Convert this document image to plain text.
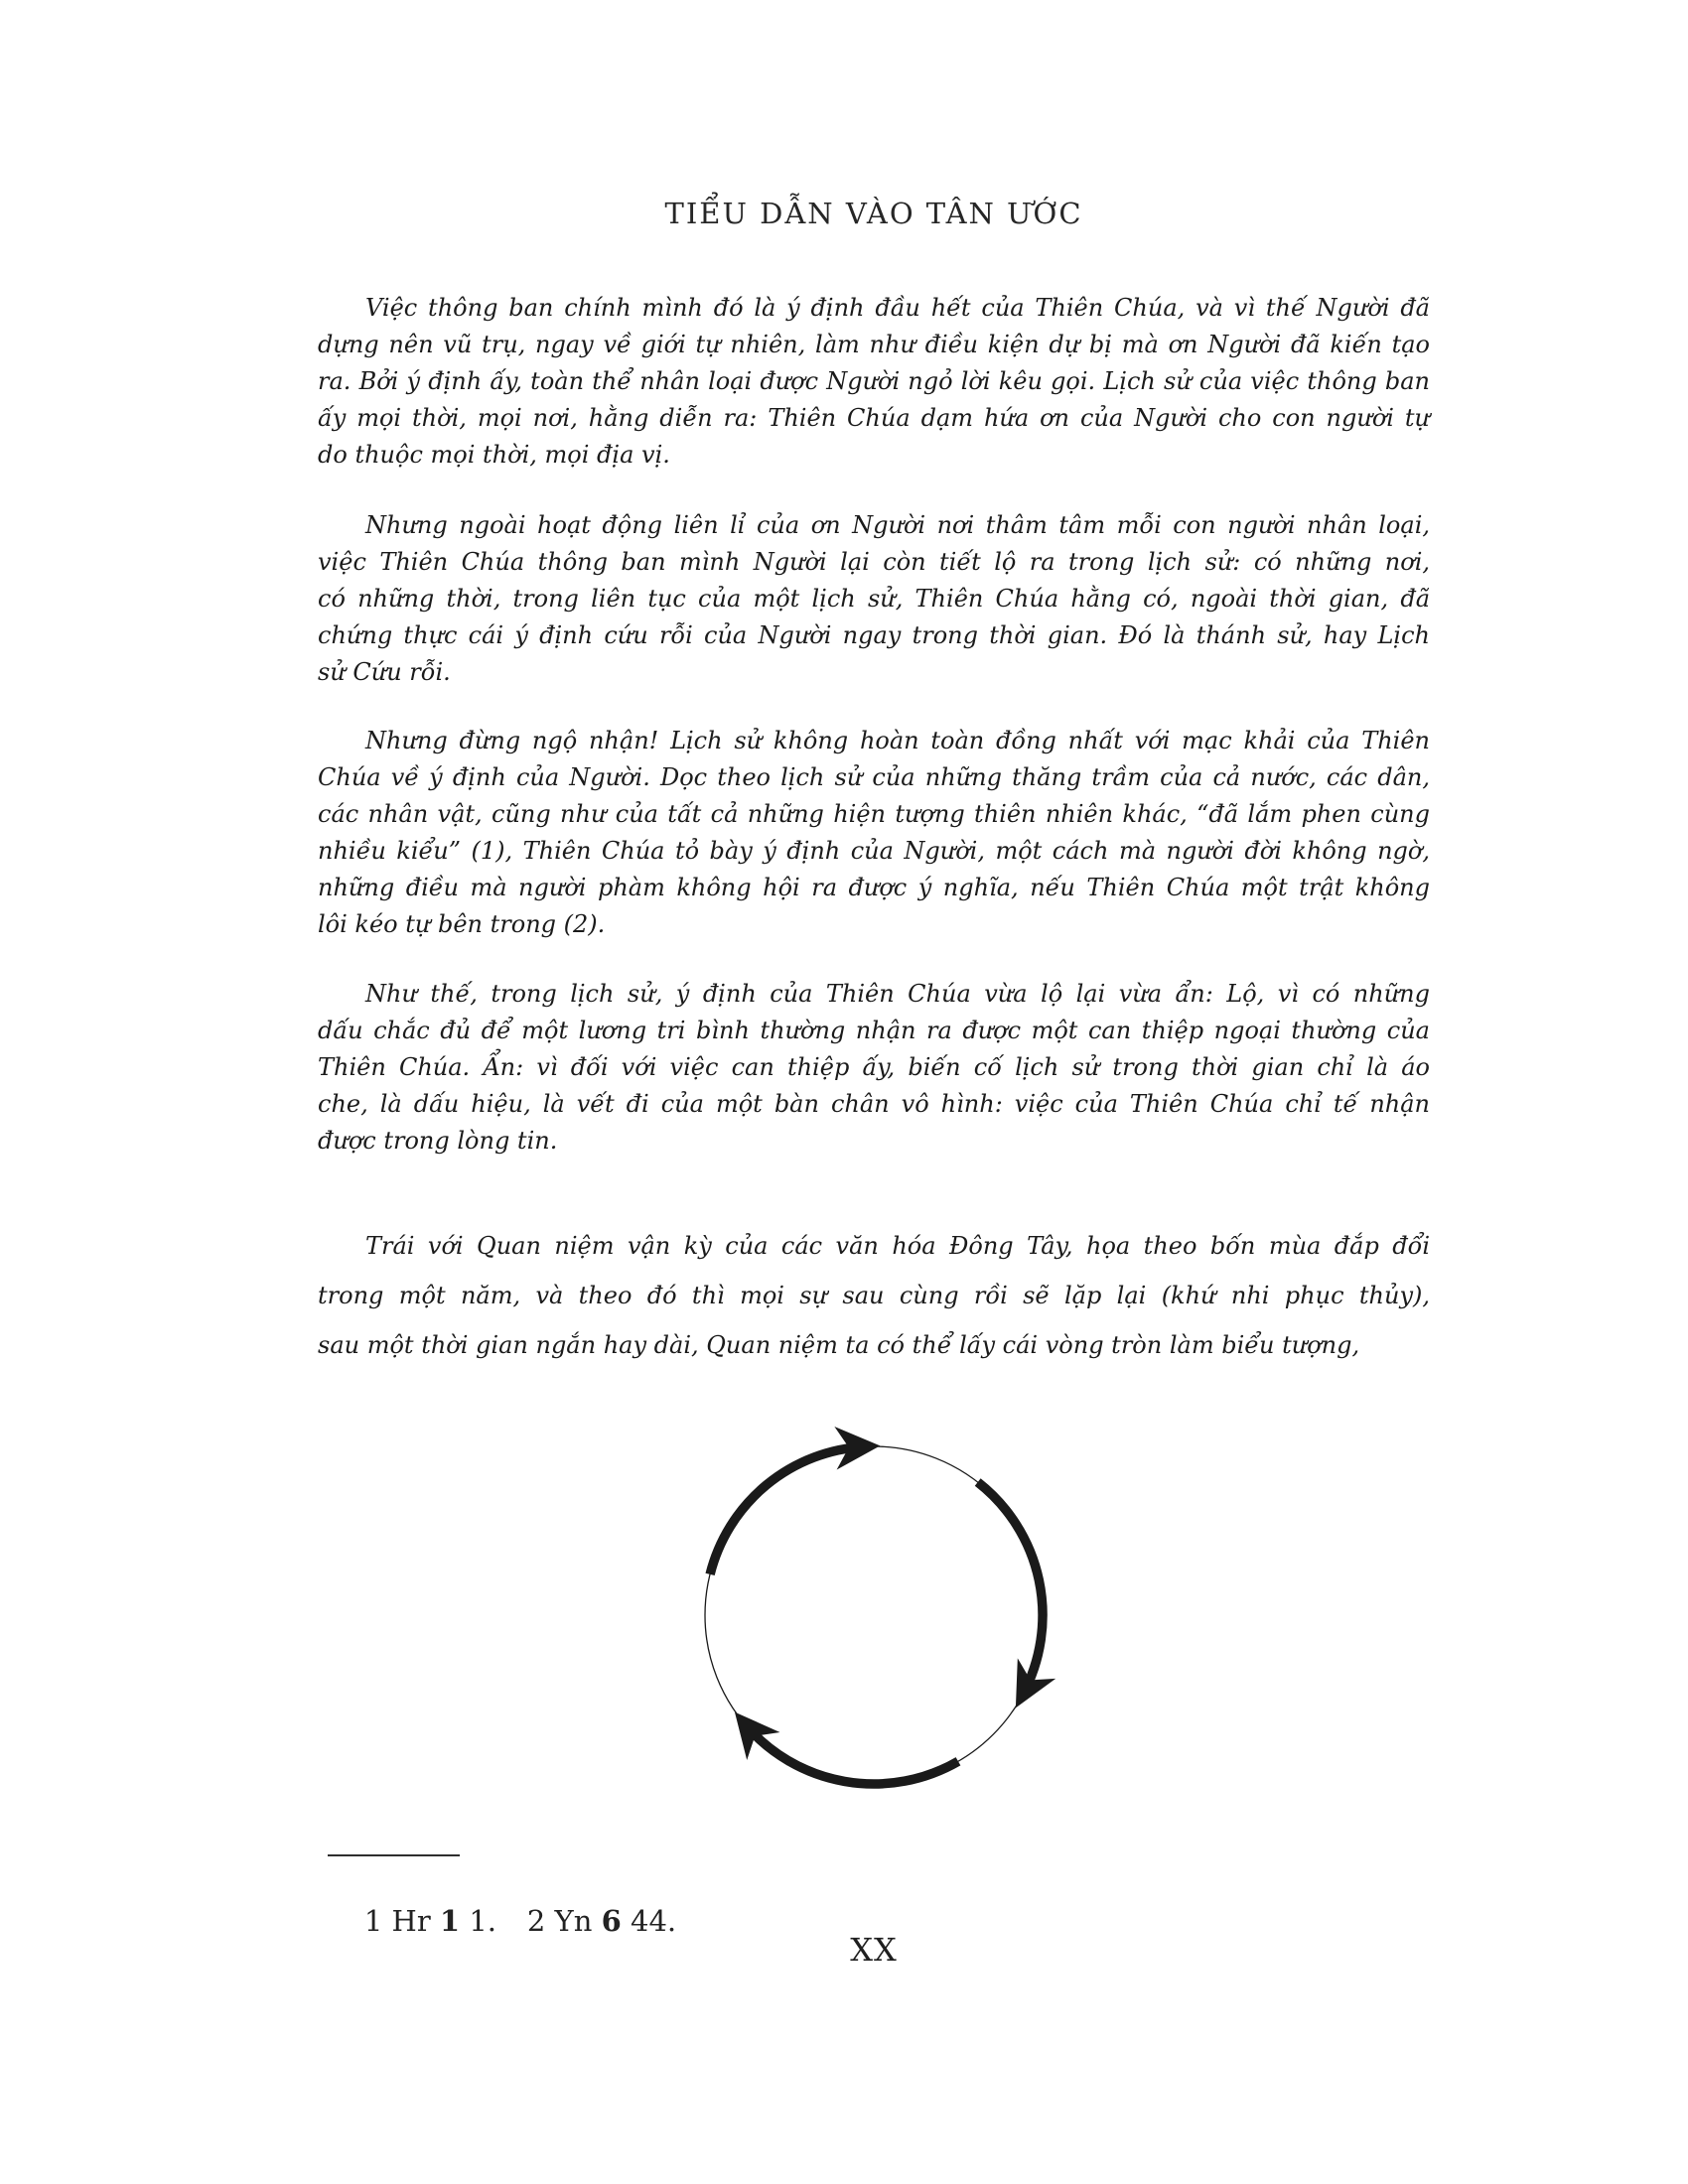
TIỂU DẪN VÀO TÂN ƯỚC
Việc thông ban chính mình đó là ý định đầu hết của Thiên Chúa, và vì thế Người đã
dựng nên vũ trụ, ngay về giới tự nhiên, làm như điều kiện dự bị mà ơn Người đã kiến tạo
ra. Bởi ý định ấy, toàn thể nhân loại được Người ngỏ lời kêu gọi. Lịch sử của việc thông ban
ấy mọi thời, mọi nơi, hằng diễn ra: Thiên Chúa dạm hứa ơn của Người cho con người tự
do thuộc mọi thời, mọi địa vị.
Nhưng ngoài hoạt động liên lỉ của ơn Người nơi thâm tâm mỗi con người nhân loại,
việc Thiên Chúa thông ban mình Người lại còn tiết lộ ra trong lịch sử: có những nơi,
có những thời, trong liên tục của một lịch sử, Thiên Chúa hằng có, ngoài thời gian, đã
chứng thực cái ý định cứu rỗi của Người ngay trong thời gian. Đó là thánh sử, hay Lịch
sử Cứu rỗi.
Nhưng đừng ngộ nhận! Lịch sử không hoàn toàn đồng nhất với mạc khải của Thiên
Chúa về ý định của Người. Dọc theo lịch sử của những thăng trầm của cả nước, các dân,
các nhân vật, cũng như của tất cả những hiện tượng thiên nhiên khác, “đã lắm phen cùng
nhiều kiểu” (1), Thiên Chúa tỏ bày ý định của Người, một cách mà người đời không ngờ,
những điều mà người phàm không hội ra được ý nghĩa, nếu Thiên Chúa một trật không
lôi kéo tự bên trong (2).
Như thế, trong lịch sử, ý định của Thiên Chúa vừa lộ lại vừa ẩn: Lộ, vì có những
dấu chắc đủ để một lương tri bình thường nhận ra được một can thiệp ngoại thường của
Thiên Chúa. Ẩn: vì đối với việc can thiệp ấy, biến cố lịch sử trong thời gian chỉ là áo
che, là dấu hiệu, là vết đi của một bàn chân vô hình: việc của Thiên Chúa chỉ tế nhận
được trong lòng tin.
Trái với Quan niệm vận kỳ của các văn hóa Đông Tây, họa theo bốn mùa đắp đổi
trong một năm, và theo đó thì mọi sự sau cùng rồi sẽ lặp lại (khứ nhi phục thủy),
sau một thời gian ngắn hay dài, Quan niệm ta có thể lấy cái vòng tròn làm biểu tượng,

1 Hr 1 1.
	2 Yn 6 44.

XX
